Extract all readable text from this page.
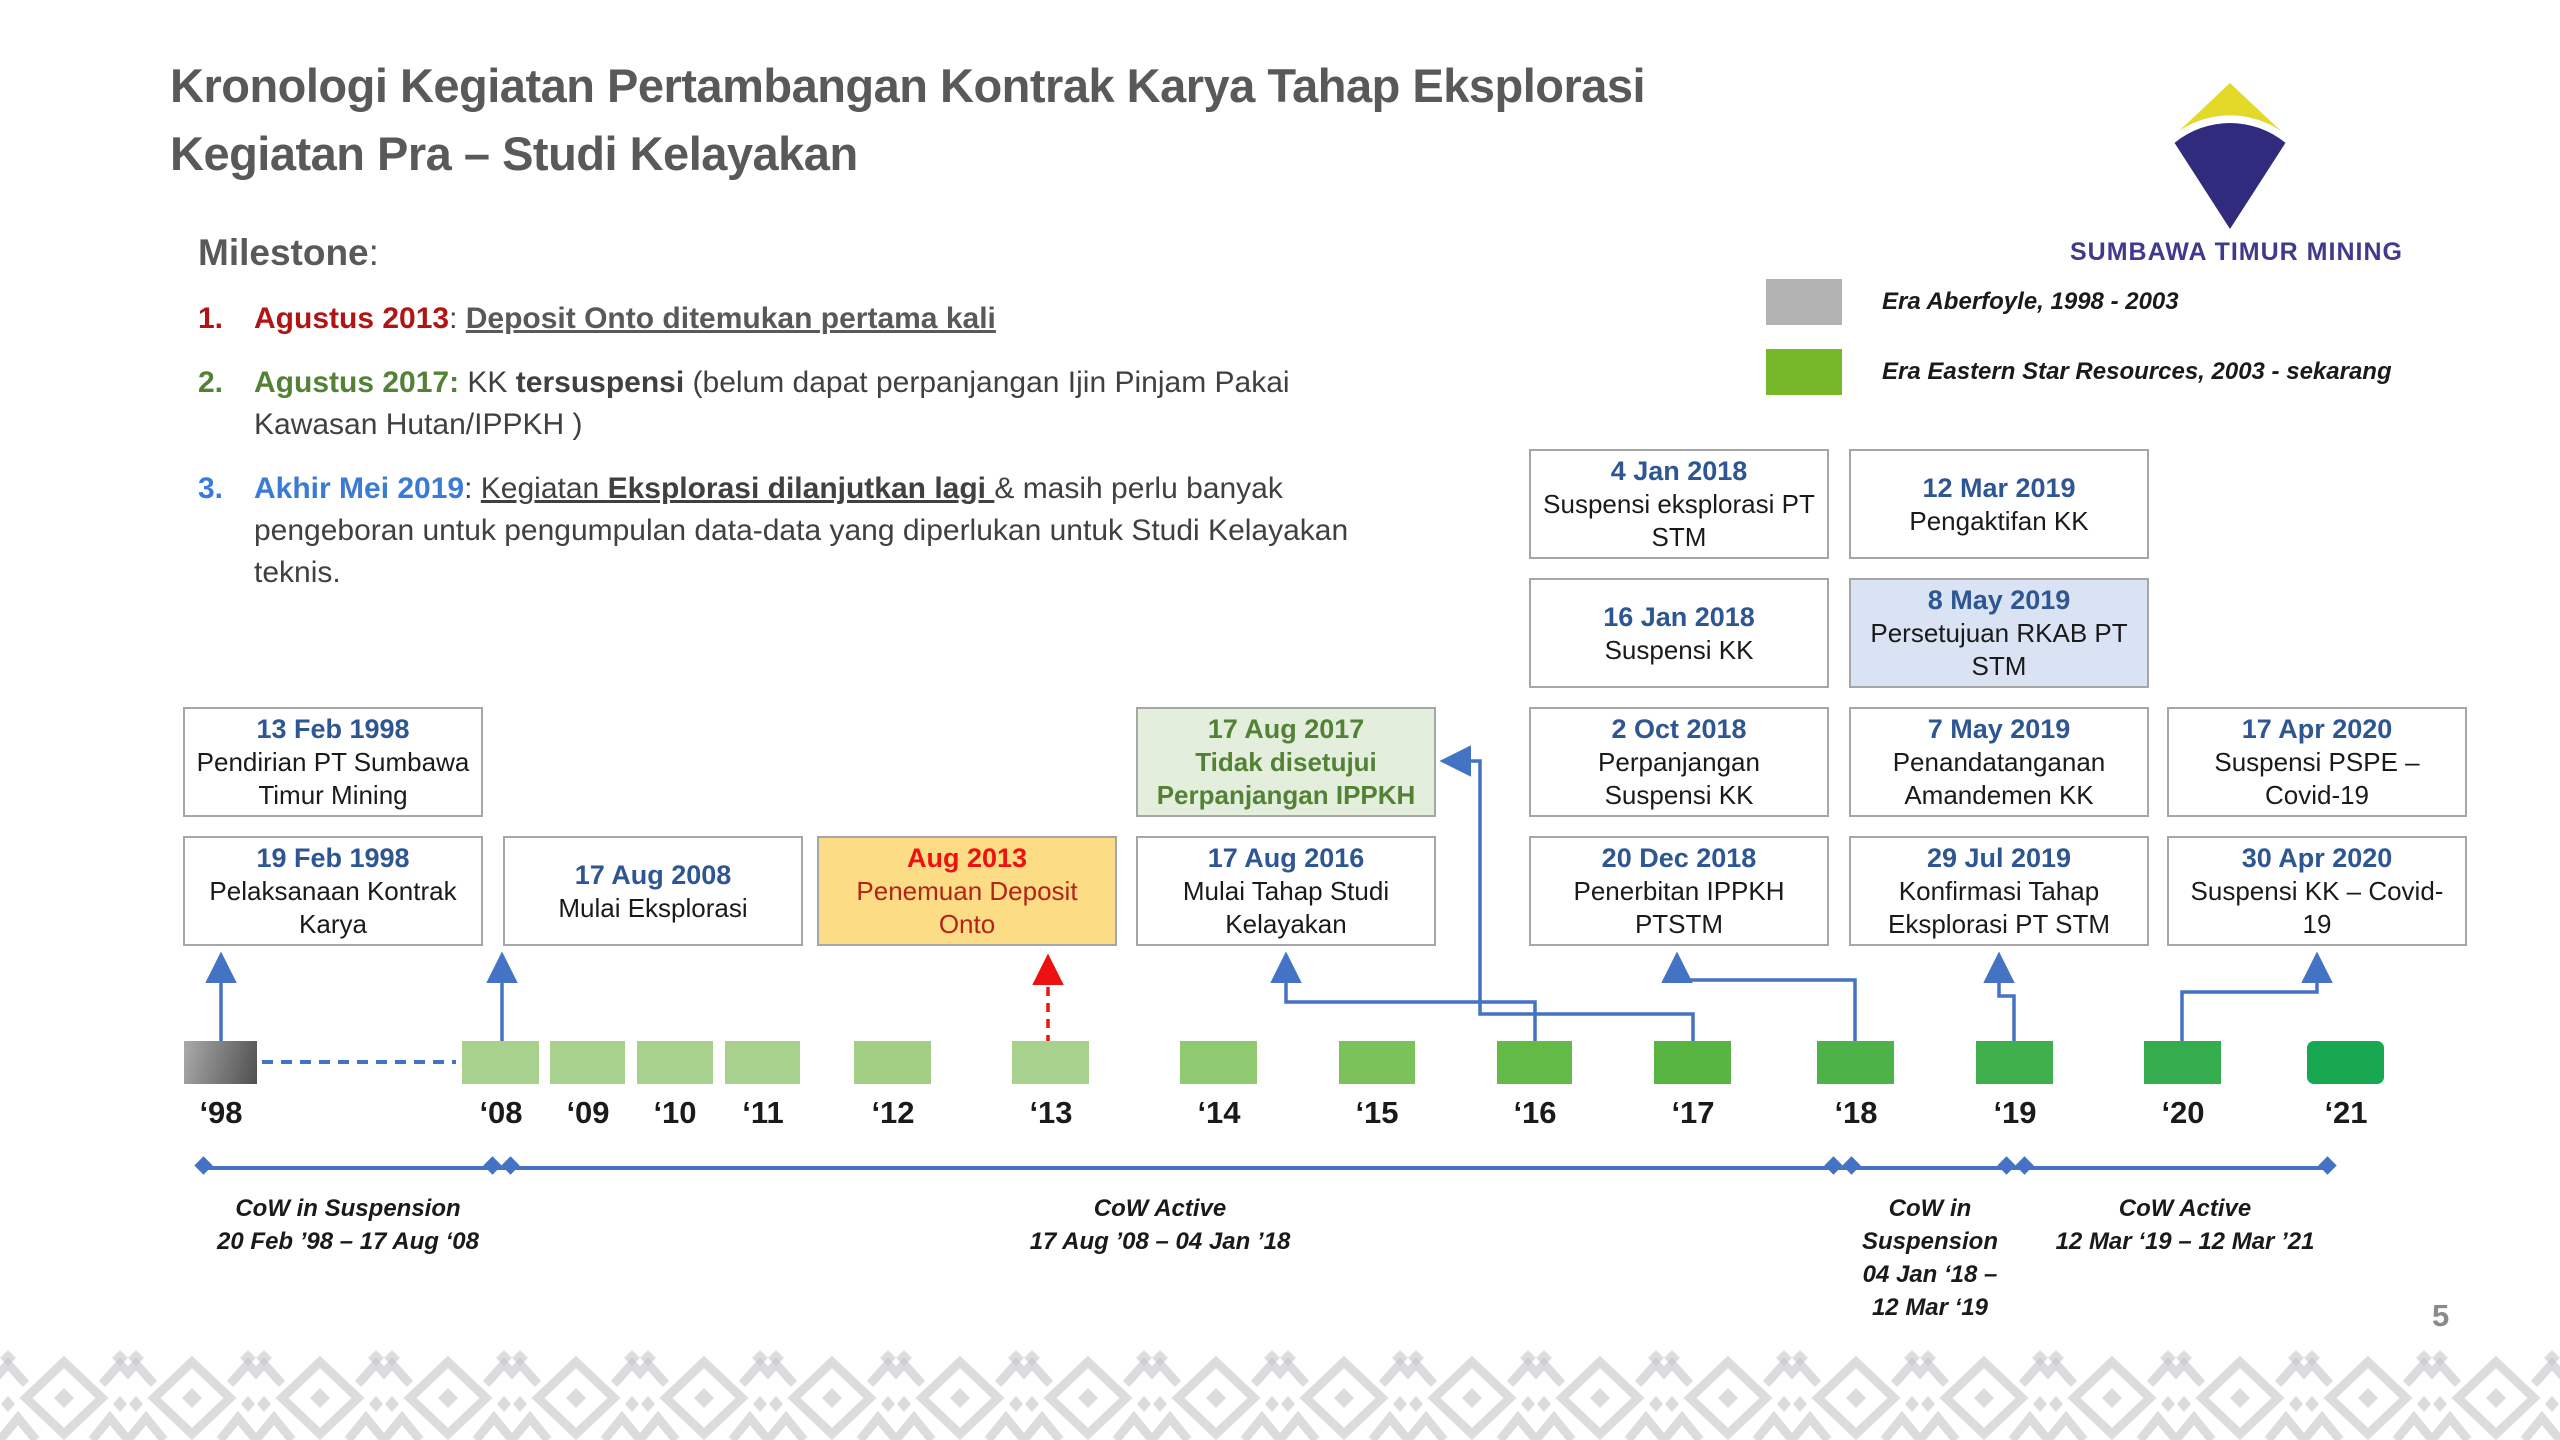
Kronologi Kegiatan Pertambangan Kontrak Karya Tahap Eksplorasi
Kegiatan Pra – Studi Kelayakan
SUMBAWA TIMUR MINING
Era Aberfoyle, 1998 - 2003
Era Eastern Star Resources, 2003 - sekarang
Milestone:
1. Agustus 2013: Deposit Onto ditemukan pertama kali
2. Agustus 2017: KK tersuspensi (belum dapat perpanjangan Ijin Pinjam Pakai Kawasan Hutan/IPPKH )
3. Akhir Mei 2019: Kegiatan Eksplorasi dilanjutkan lagi & masih perlu banyak pengeboran untuk pengumpulan data-data yang diperlukan untuk Studi Kelayakan teknis.
13 Feb 1998
Pendirian PT Sumbawa Timur Mining
19 Feb 1998
Pelaksanaan Kontrak Karya
17 Aug 2008
Mulai Eksplorasi
Aug 2013
Penemuan Deposit Onto
17 Aug 2017
Tidak disetujui Perpanjangan IPPKH
17 Aug 2016
Mulai Tahap Studi Kelayakan
4 Jan 2018
Suspensi eksplorasi PT STM
16 Jan 2018
Suspensi KK
2 Oct 2018
Perpanjangan Suspensi KK
20 Dec 2018
Penerbitan IPPKH PTSTM
12 Mar 2019
Pengaktifan KK
8 May 2019
Persetujuan RKAB PT STM
7 May 2019
Penandatanganan Amandemen KK
29 Jul 2019
Konfirmasi Tahap Eksplorasi PT STM
17 Apr 2020
Suspensi PSPE – Covid-19
30 Apr 2020
Suspensi KK – Covid-19
‘98	‘08	‘09	‘10	‘11	‘12	‘13	‘14	‘15	‘16	‘17	‘18	‘19	‘20	‘21
CoW in Suspension
20 Feb ’98 – 17 Aug ‘08
CoW Active
17 Aug ’08 – 04 Jan ’18
CoW in
Suspension
04 Jan ‘18 –
12 Mar ‘19
CoW Active
12 Mar ‘19 – 12 Mar ’21
5
